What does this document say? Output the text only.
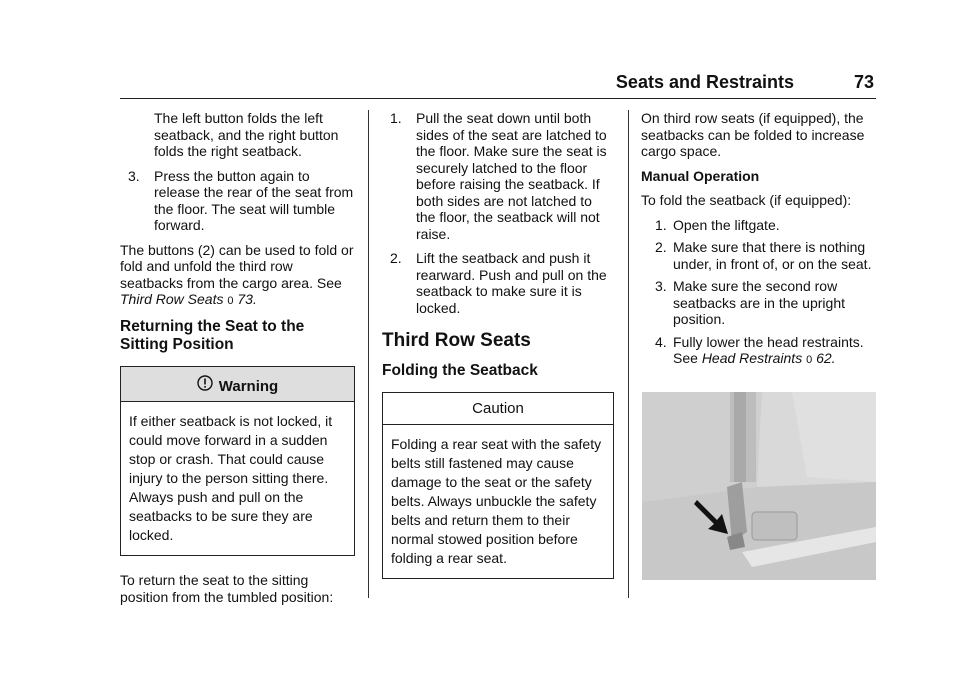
Seats and Restraints	73

The left button folds the left seatback, and the right button folds the right seatback.

3. Press the button again to release the rear of the seat from the floor. The seat will tumble forward.

The buttons (2) can be used to fold or fold and unfold the third row seatbacks from the cargo area. See Third Row Seats 0 73.

Returning the Seat to the Sitting Position
Warning
If either seatback is not locked, it could move forward in a sudden stop or crash. That could cause injury to the person sitting there. Always push and pull on the seatbacks to be sure they are locked.

To return the seat to the sitting position from the tumbled position:

1. Pull the seat down until both sides of the seat are latched to the floor. Make sure the seat is securely latched to the floor before raising the seatback. If both sides are not latched to the floor, the seatback will not raise.
2. Lift the seatback and push it rearward. Push and pull on the seatback to make sure it is locked.
Third Row Seats
Folding the Seatback
Caution
Folding a rear seat with the safety belts still fastened may cause damage to the seat or the safety belts. Always unbuckle the safety belts and return them to their normal stowed position before folding a rear seat.

On third row seats (if equipped), the seatbacks can be folded to increase cargo space.

Manual Operation

To fold the seatback (if equipped):

1. Open the liftgate.
2. Make sure that there is nothing under, in front of, or on the seat.
3. Make sure the second row seatbacks are in the upright position.
4. Fully lower the head restraints. See Head Restraints 0 62.
